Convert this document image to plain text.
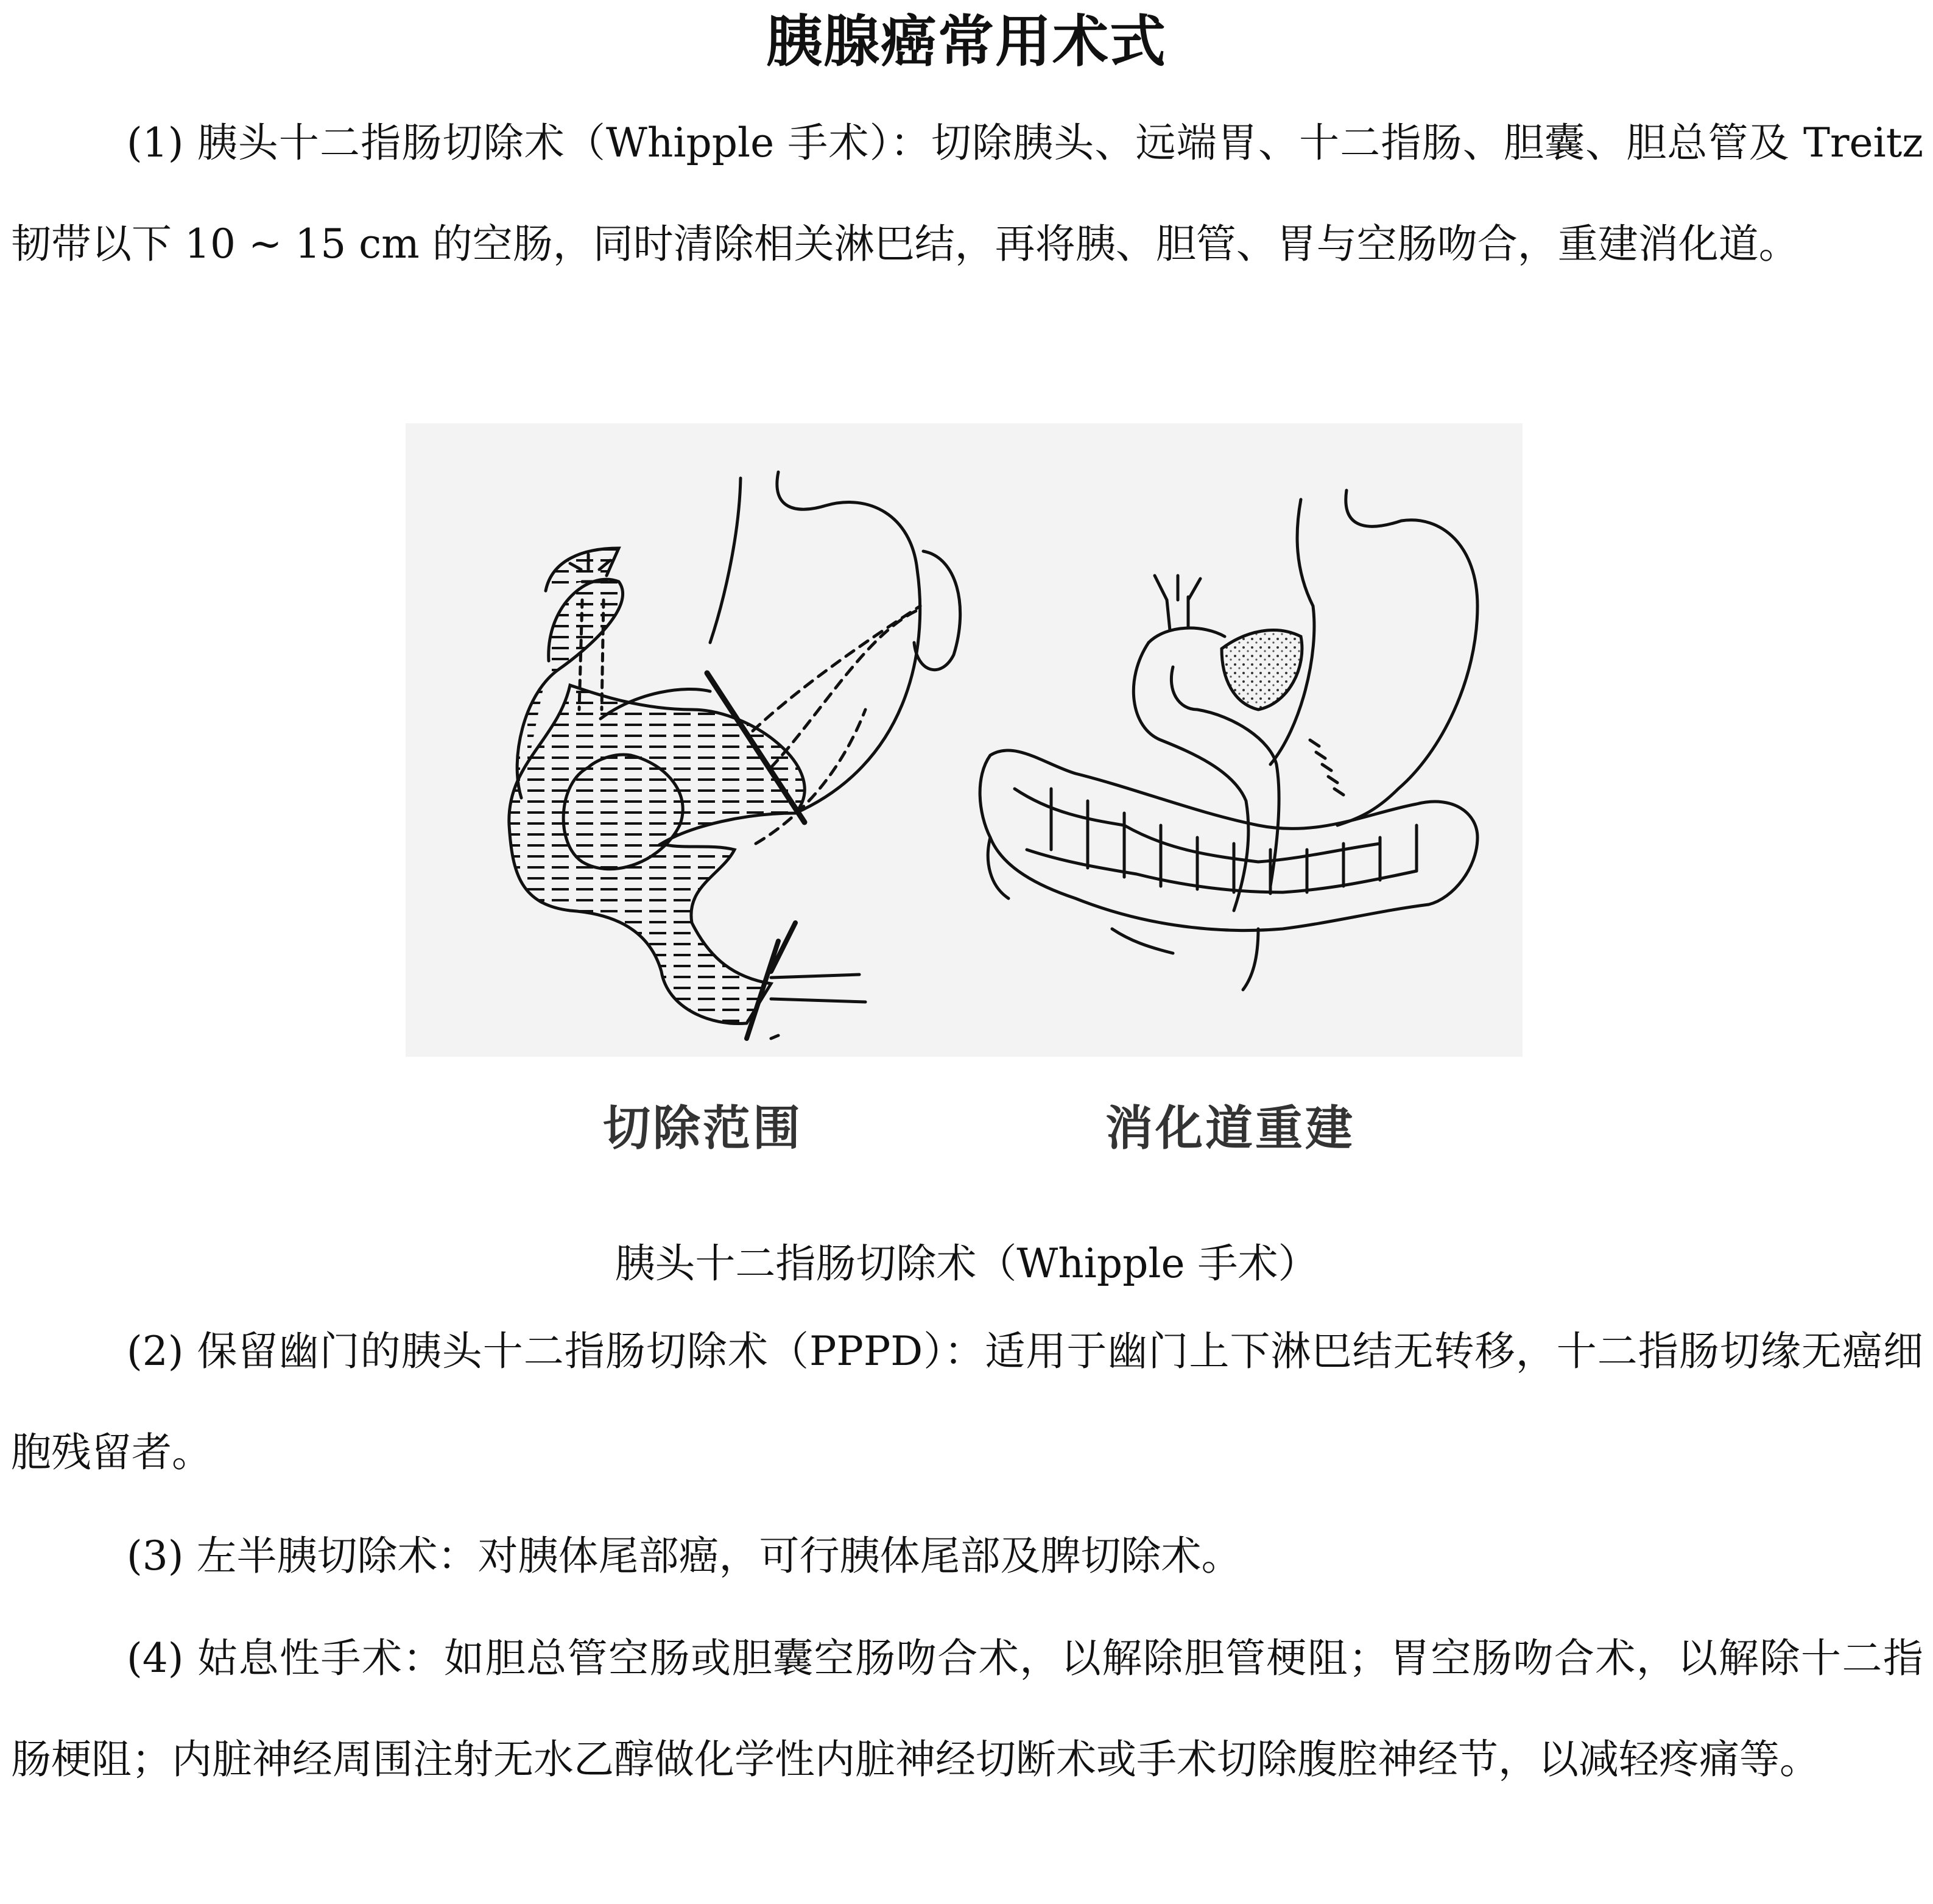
胰腺癌常用术式

(1) 胰头十二指肠切除术（Whipple 手术）：切除胰头、远端胃、十二指肠、胆囊、胆总管及 Treitz 韧带以下 10 ~ 15 cm 的空肠，同时清除相关淋巴结，再将胰、胆管、胃与空肠吻合，重建消化道。

切除范围	消化道重建
胰头十二指肠切除术（Whipple 手术）

(2) 保留幽门的胰头十二指肠切除术（PPPD）：适用于幽门上下淋巴结无转移，十二指肠切缘无癌细胞残留者。

(3) 左半胰切除术：对胰体尾部癌，可行胰体尾部及脾切除术。

(4) 姑息性手术：如胆总管空肠或胆囊空肠吻合术，以解除胆管梗阻；胃空肠吻合术，以解除十二指肠梗阻；内脏神经周围注射无水乙醇做化学性内脏神经切断术或手术切除腹腔神经节，以减轻疼痛等。
